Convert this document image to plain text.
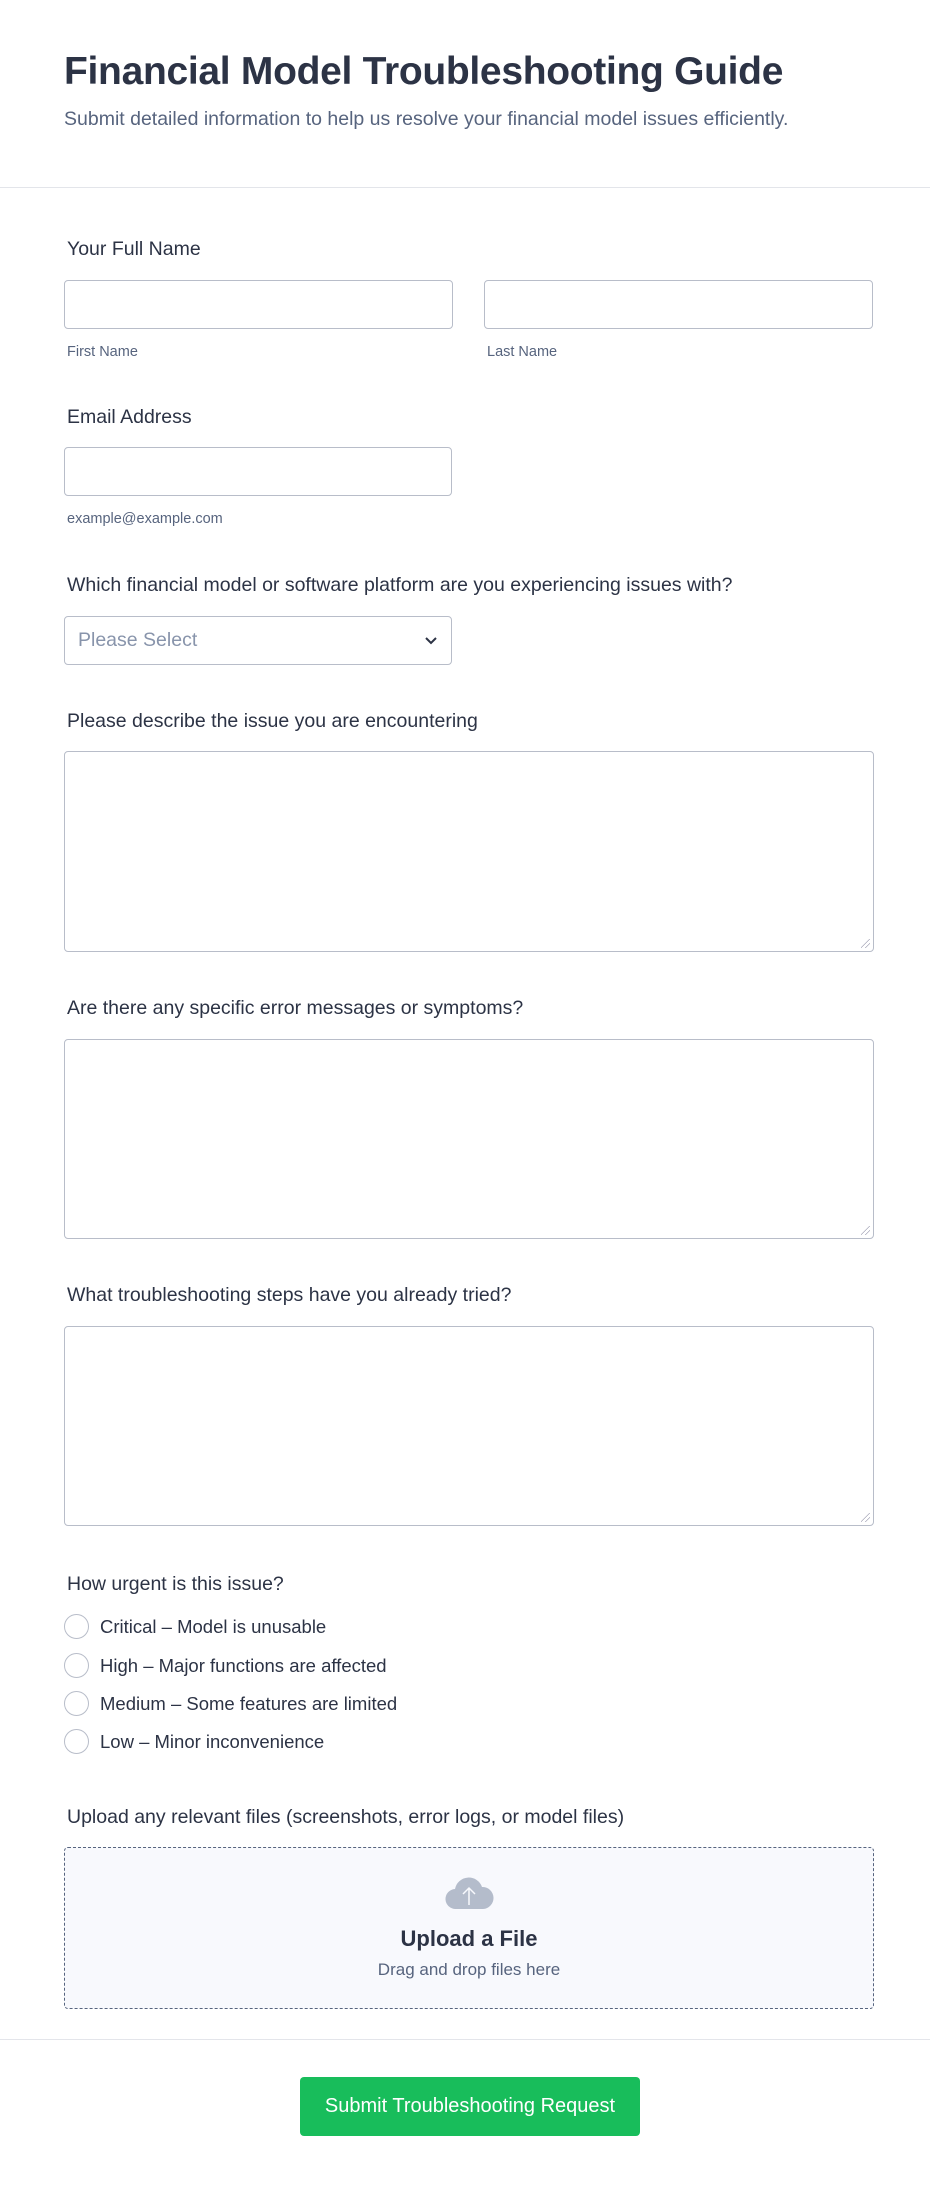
Financial Model Troubleshooting Guide
Submit detailed information to help us resolve your financial model issues efficiently.
Your Full Name
First Name	Last Name
Email Address
example@example.com
Which financial model or software platform are you experiencing issues with?
Please Select
Please describe the issue you are encountering
Are there any specific error messages or symptoms?
What troubleshooting steps have you already tried?
How urgent is this issue?
Critical – Model is unusable
High – Major functions are affected
Medium – Some features are limited
Low – Minor inconvenience
Upload any relevant files (screenshots, error logs, or model files)
Upload a File
Drag and drop files here
Submit Troubleshooting Request
